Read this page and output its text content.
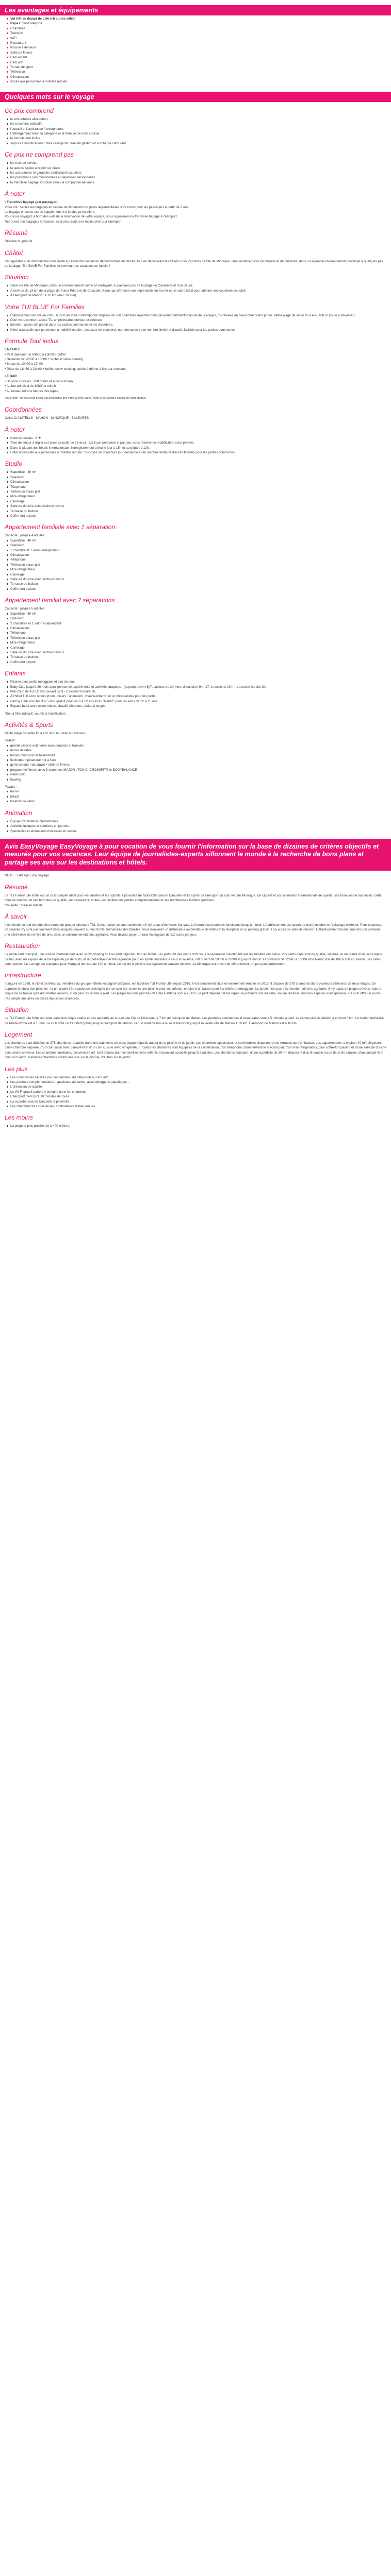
Les avantages et équipements
Vol A/R au départ de Lille (+5 autres villes)
Repas: Tout compris
Chambres
Transfert
WiFi
Restaurant
Piscine extérieure
Salle de fitness
Club enfant
Club ado
Terrain de sport
Télévision
Climatisation
Accès aux personnes à mobilité réduite
Quelques mots sur le voyage
Ce prix comprend
le vols affrétés aller-retour
les transferts collectifs
l'accueil et l'assistance francophones
l'hébergement selon la catégorie et la formule de nuits choisie
la formule tout inclus
séjours à modifications : taxes aéroports, frais de gestion et surcharge carburant
Ce prix ne comprend pas
les frais de service
la taxe de séjour à régler sur place
les assurances et garanties contractuel locutaires
les prestations non mentionnées et dépenses personnelles
la franchise bagage en soute selon la compagnie aérienne
À noter
• Franchise bagage (par passager) :
Votre vol : seules les bagages en cabine de dimensions et poids réglementaires sont inclus pour les passagers à partir de 2 ans.
La bagage en soute est en supplément et à la charge du client.
Pour vous voyagez à bord des vols de la réservation de votre voyage, nous signalerons la franchise bagage à l'aéroport.
Retrouvez nos bagages à l'avance, cela vous évitera le moins cher quà l'aéroport.
Résumé

Résumé du produit

Châtel

Cet agréable club international vous invite à passer des vacances décontractées en famille, tout en découvrant les trésors insoupçonnés de l'île de Minorque. Une véritable oasis de détente et de farniente, dans un agréable environnement privilégié à quelques pas de la plage. TUI BLUE For Families, le bonheur des vacances en famille !

Situation
Situé sur l'île de Minorque, dans un environnement calme et verdoyant, à quelques pas de la plage de Cavalleria et Son Saura.
À environ de 13 km de la plage de Punta Prima et de Cova den Xoroi, qui offre une vue imprenable sur la mer et un cadre idéal pour admirer des couchers de soleil.
À l'aéroport de Mahon : à 10 km (env. 20 min)
Votre TUI BLUE For Families
Établissement rénové en 2016, le club au style contemporain dispose de 278 chambres réparties dans plusieurs bâtiments bas de deux étages, distribuées au coeur d'un grand jardin. Petite plage de sable fin à env. 400 m (route à traverser).
Pour votre confort : accès TV, amphithéâtre intérieur et extérieur.
Internet : accès wifi gratuit dans les parties communes et les chambres.
Hôtel accessible aux personnes à mobilité réduite : disposez de chambres (sur demande et en nombre limité) et d'accès facilités pour les parties communes.
Formule Tout inclus
LA TABLE
• Petit déjeuner de 09h00 à 10h00 + buffet
• Déjeuner de 12h00 à 15h00 + buffet et show cooking
• Snack de 10h00 à 17h00
• Dîner de 18h30 à 21h00 + buffet, show cooking, soirée à thème 1 fois par semaine
LE BAR
• Boissons locales : soft drinks et alcools locaux
• Au bar principal de 10h00 à minuit
• Au restaurant aux heures des repas
Vous hôtel : formule tout inclus est accessible des votre arrivée dans l'hôtel et ce, jusqu'à l'heure de votre départ.
Coordonnées

CALA CANUTELLS - MAHON - MINORQUE - BALEARES

À noter
Normes locales : 3 ★
Taxe de séjour à régler sur place (à partir de 16 ans) : 2,2 € par personne et par jour, sous réserve de modification sans préavis.
Dans la plupart des hôtels internationaux, l'enregistrement a lieu le jour à 15h et au départ à 12h.
Hôtel accessible aux personnes à mobilité réduite : disposez de chambres (sur demande et en nombre limité) et d'accès facilités pour les parties communes.
Studio
Superficie : 30 m²
Spacieux
Climatisation
Téléphone
Télévision écran plat
Mini-réfrigérateur
Carrelage
Salle de douche avec sèche-cheveux
Terrasse ou balcon
Coffre-fort payant
Appartement familiale avec 1 séparation

Capacité : jusqu'à 4 adultes

Superficie : 40 m²
Spacieux
1 chambre et 1 salon indépendant
Climatisation
Téléphone
Télévision écran plat
Mini-réfrigérateur
Carrelage
Salle de douche avec sèche-cheveux
Terrasse ou balcon
Coffre-fort payant
Appartement familial avec 2 séparations

Capacité : jusqu'à 5 adultes

Superficie : 50 m²
Spacieux
2 chambres et 1 salon indépendant
Climatisation
Téléphone
Télévision écran plat
Mini-réfrigérateur
Carrelage
Salle de douche avec sèche-cheveux
Terrasse ou balcon
Coffre-fort payant
Enfants
Piscine avec petits toboggans et aire de jeux.
Baby Club jusqu'à 36 mois avec personnel expérimenté et activités adaptées - (payant) ouvert 6j/7, saisons de 2h (hors dimanche) 9h - 17, 2 sessions 10 h - 1 session horaire 2h.
Kids Club de 4 à 12 ans (ouvert 6j/7) - 2 session horaire 2h.
À l'hôtel TUI à ton option et ton univers : animation, chauffe-biberon et un micro-ondes pour tes petits.
Bamsy Club pour les 3 à 5 ans, gratuit pour les 6 à 12 ans et au "Nautic" pour les ados de 12 à 15 ans.
Espace bébé avec micro-ondes, chauffe-biberons, tables à langer...

*Soit à titre indicatif, soumis à modification.

Activités & Sports

Petite plage de sable fin à env. 400 m. route à traverser).

Gratuit :

grande piscine extérieure avec parasols et transats
tennis de table
terrain multisport et basket-ball
fléchettes ▪ pétanque ▪ tir à l'arc
gymnastique ▪ aquagym ▪ salle de fitness
programme fitness avec 3 cours Les MAJOR : TONIC, CROSSFIT® et BODYBALANCE
water-polo
bowling

Payant :

tennis
billard
location de vélos
Animation
Équipe d'animation internationale.
Activités ludiques et sportives en journée.
Spectacles et animations musicales en soirée.
Avis EasyVoyage EasyVoyage à pour vocation de vous fournir l'information sur la base de dizaines de critères objectifs et mesurés pour vos vacances. Leur équipe de journalistes-experts sillonnent le monde à la recherche de bons plans et partage ses avis sur les destinations et hôtels.

NOTE : 7.4/Lagn Easy Voyage

Résumé

Le TUI Family Life Hôtel est un club complet idéal pour les familles et les sportifs à proximité de l'adorable cala en Canutells et tout près de l'aéroport ou auto ved de Minorque. Ce clip est et son animation internationale de qualité, ses formules de tout inclus, cette offre de service, de ses formules de qualité, son restaurant, toutes, les facilités des petites complémentaires et ses nombreuses facilités sportives.

Conseillé : Idéal en famille

À savoir

Il est fondé au sud de côté bien connu de groupe allemand TUI. Construction est internationale et il n'y a pas d'écrivains français. Le formule tout compris fonctionné jusqu'à minuit. L'établissement est ouvert de mai à octobre et l'éclairage extérieur. Pour beaucoup de salariés n'y sont pas vraiment dans lesquels peuvent sur les fronts animatoires des familles. Vous trouverez un distributeur automatique de billets et la réception et un parking gratuit. Il n'y a pas de salle de réunion. L'établissement fournit, une fois par semaine, une cérémonie de remise de prix, dans un environnement plus agréable. Vous devrez payer un taxe écologique de 2,2 euros par jour.

Restauration

Le restaurant principal, une cuisine internationale avec show-cooking tout au petit déjeuner, tout au buffet. Les plats ont des noms dont vous la réparation maintenant que les familles ont prévu. Vos petits plats sont de qualité, soignée, et un grand choix sans repos. Le bar, avec un espace de la boutique de jus de fruits, et du petit-déjeuner très agréable pour les sports matinaux à ceux à l'avance, ont ouvert de 10h00 à 23h00 et jusqu'à minuit. Le Vivarium de 12h45 à 16h00 et le Nautic Bar de 10h à 18h en saison. Les cafés sont réputés. Le Lounge est pratiques pour Marnyrai de l'eau de 10h à minuit. Le bar de la piscine est également souvent réservé. Le Minorque est ouvert de 10h à minuit, un peu plus tardivement.

Infrastructure

Inauguré en 1988, le Hôtel de Minorca, membres du groupe hôtelier espagnol Globales, est labellisé TUI Family Life depuis 2016. Il est idéalement situé et entièrement rénové en 2016. Il dispose de 278 chambres dans plusieurs bâtiments de deux étages. On apprécie le choix des piscines : la principale très spacieuse prolongée par un coin bar-snack et une piscine pour les enfants, en plus d'un bassin pour les bébés et toboggans. Le jardin n'est pas très étendu mais très agréable. Il n'y a pas de plages privées mais la crique ne se trouve qu'à 400 mètres environ, et on peut s'y rendre à pied. Les plages les plus proches de Cala Galdana sont à 25 km. Le petit déjeuner et les repas se prennent soit en salle, soit en terrasse, dont les espaces sont spacieux. Ce club offre un accès très simple aux aires de loisirs depuis les chambres.

Situation

Le TUI Family Life Hôtel est situé dans une crique calme et très agréable au sud-est de l'île de Minorque, à 7 km de l'aéroport de Mahon. Les premiers commerces et restaurants sont à 5 minutes à pied. Le centre-ville de Mahon à environ 8 km. La station balnéaire de Punta Prima est à 15 km. Le club offre un transfert gratuit jusqu'à l'aéroport de Mahon, car un arrêt de bus assure le transport jusqu'à la vieille ville de Mahon à 10 km. L'aéroport de Mahon est à 10 km.

Logement

Les chambres sont divisées en 278 chambres réparties dans des bâtiments de deux étages répartis autour de la piscine et du jardin. Les chambres spacieuses et confortables disposent d'une terrasse ou d'un balcon. Les appartements, d'environ 40 m², disposent d'une chambre séparée, d'un coin salon avec canapé-lit et d'un coin cuisine avec réfrigérateur. Toutes les chambres sont équipées de la climatisation, d'un téléphone, d'une télévision à écran plat, d'un mini-réfrigérateur, d'un coffre-fort payant et d'une salle de douche avec sèche-cheveux. Les chambres familiales, d'environ 50 m², sont idéales pour les familles avec enfants et peuvent accueillir jusqu'à 5 adultes. Les chambres standard, d'une superficie de 30 m², disposent d'un lit double ou de deux lits simples, d'un canapé-lit et d'un coin salon. Certaines chambres offrent une vue sur la piscine, d'autres sur le jardin.

Les plus
Les nombreuses facilités pour les familles, du baby-club au club ado.
Les piscines complémentaires : spacieuse au calme, avec toboggans aquatiques...
L'animation de qualité.
Le Wi-Fi gratuit partout y compris dans les chambres.
L'aéroport n'est qu'à 10 minutes de route.
La superbe cala en Canutells à proximité.
Les chambres très spacieuses, confortables et bien tenues.
Les moins
La plage la plus proche est à 400 mètres.
